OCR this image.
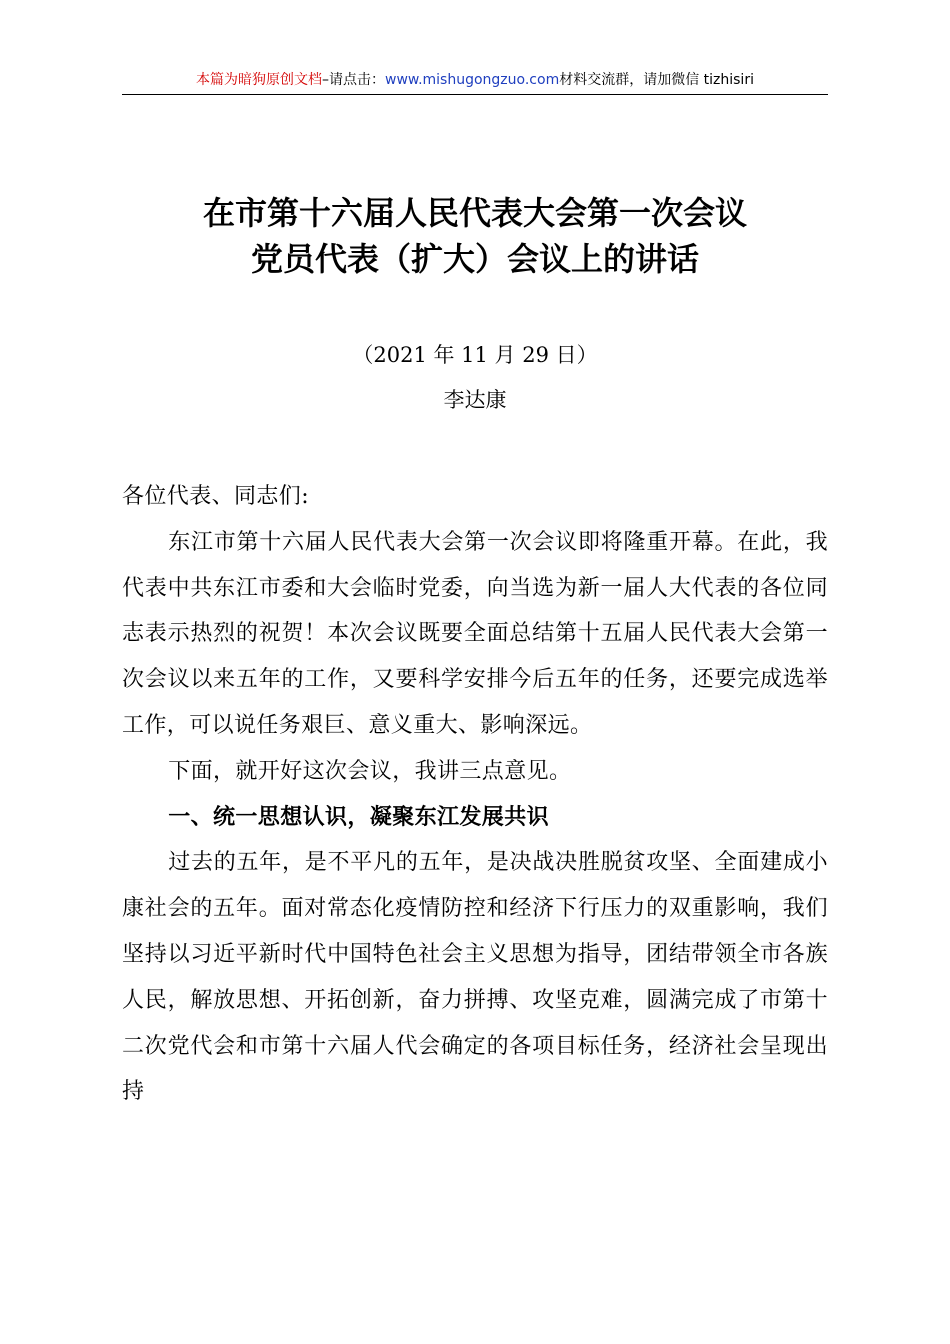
本篇为暗狗原创文档–请点击：www.mishugongzuo.com材料交流群，请加微信 tizhisiri
在市第十六届人民代表大会第一次会议
党员代表（扩大）会议上的讲话
（2021 年 11 月 29 日）
李达康

各位代表、同志们:

东江市第十六届人民代表大会第一次会议即将隆重开幕。在此，我代表中共东江市委和大会临时党委，向当选为新一届人大代表的各位同志表示热烈的祝贺！本次会议既要全面总结第十五届人民代表大会第一次会议以来五年的工作，又要科学安排今后五年的任务，还要完成选举工作，可以说任务艰巨、意义重大、影响深远。

下面，就开好这次会议，我讲三点意见。

一、统一思想认识，凝聚东江发展共识

过去的五年，是不平凡的五年，是决战决胜脱贫攻坚、全面建成小康社会的五年。面对常态化疫情防控和经济下行压力的双重影响，我们坚持以习近平新时代中国特色社会主义思想为指导，团结带领全市各族人民，解放思想、开拓创新，奋力拼搏、攻坚克难，圆满完成了市第十二次党代会和市第十六届人代会确定的各项目标任务，经济社会呈现出持
